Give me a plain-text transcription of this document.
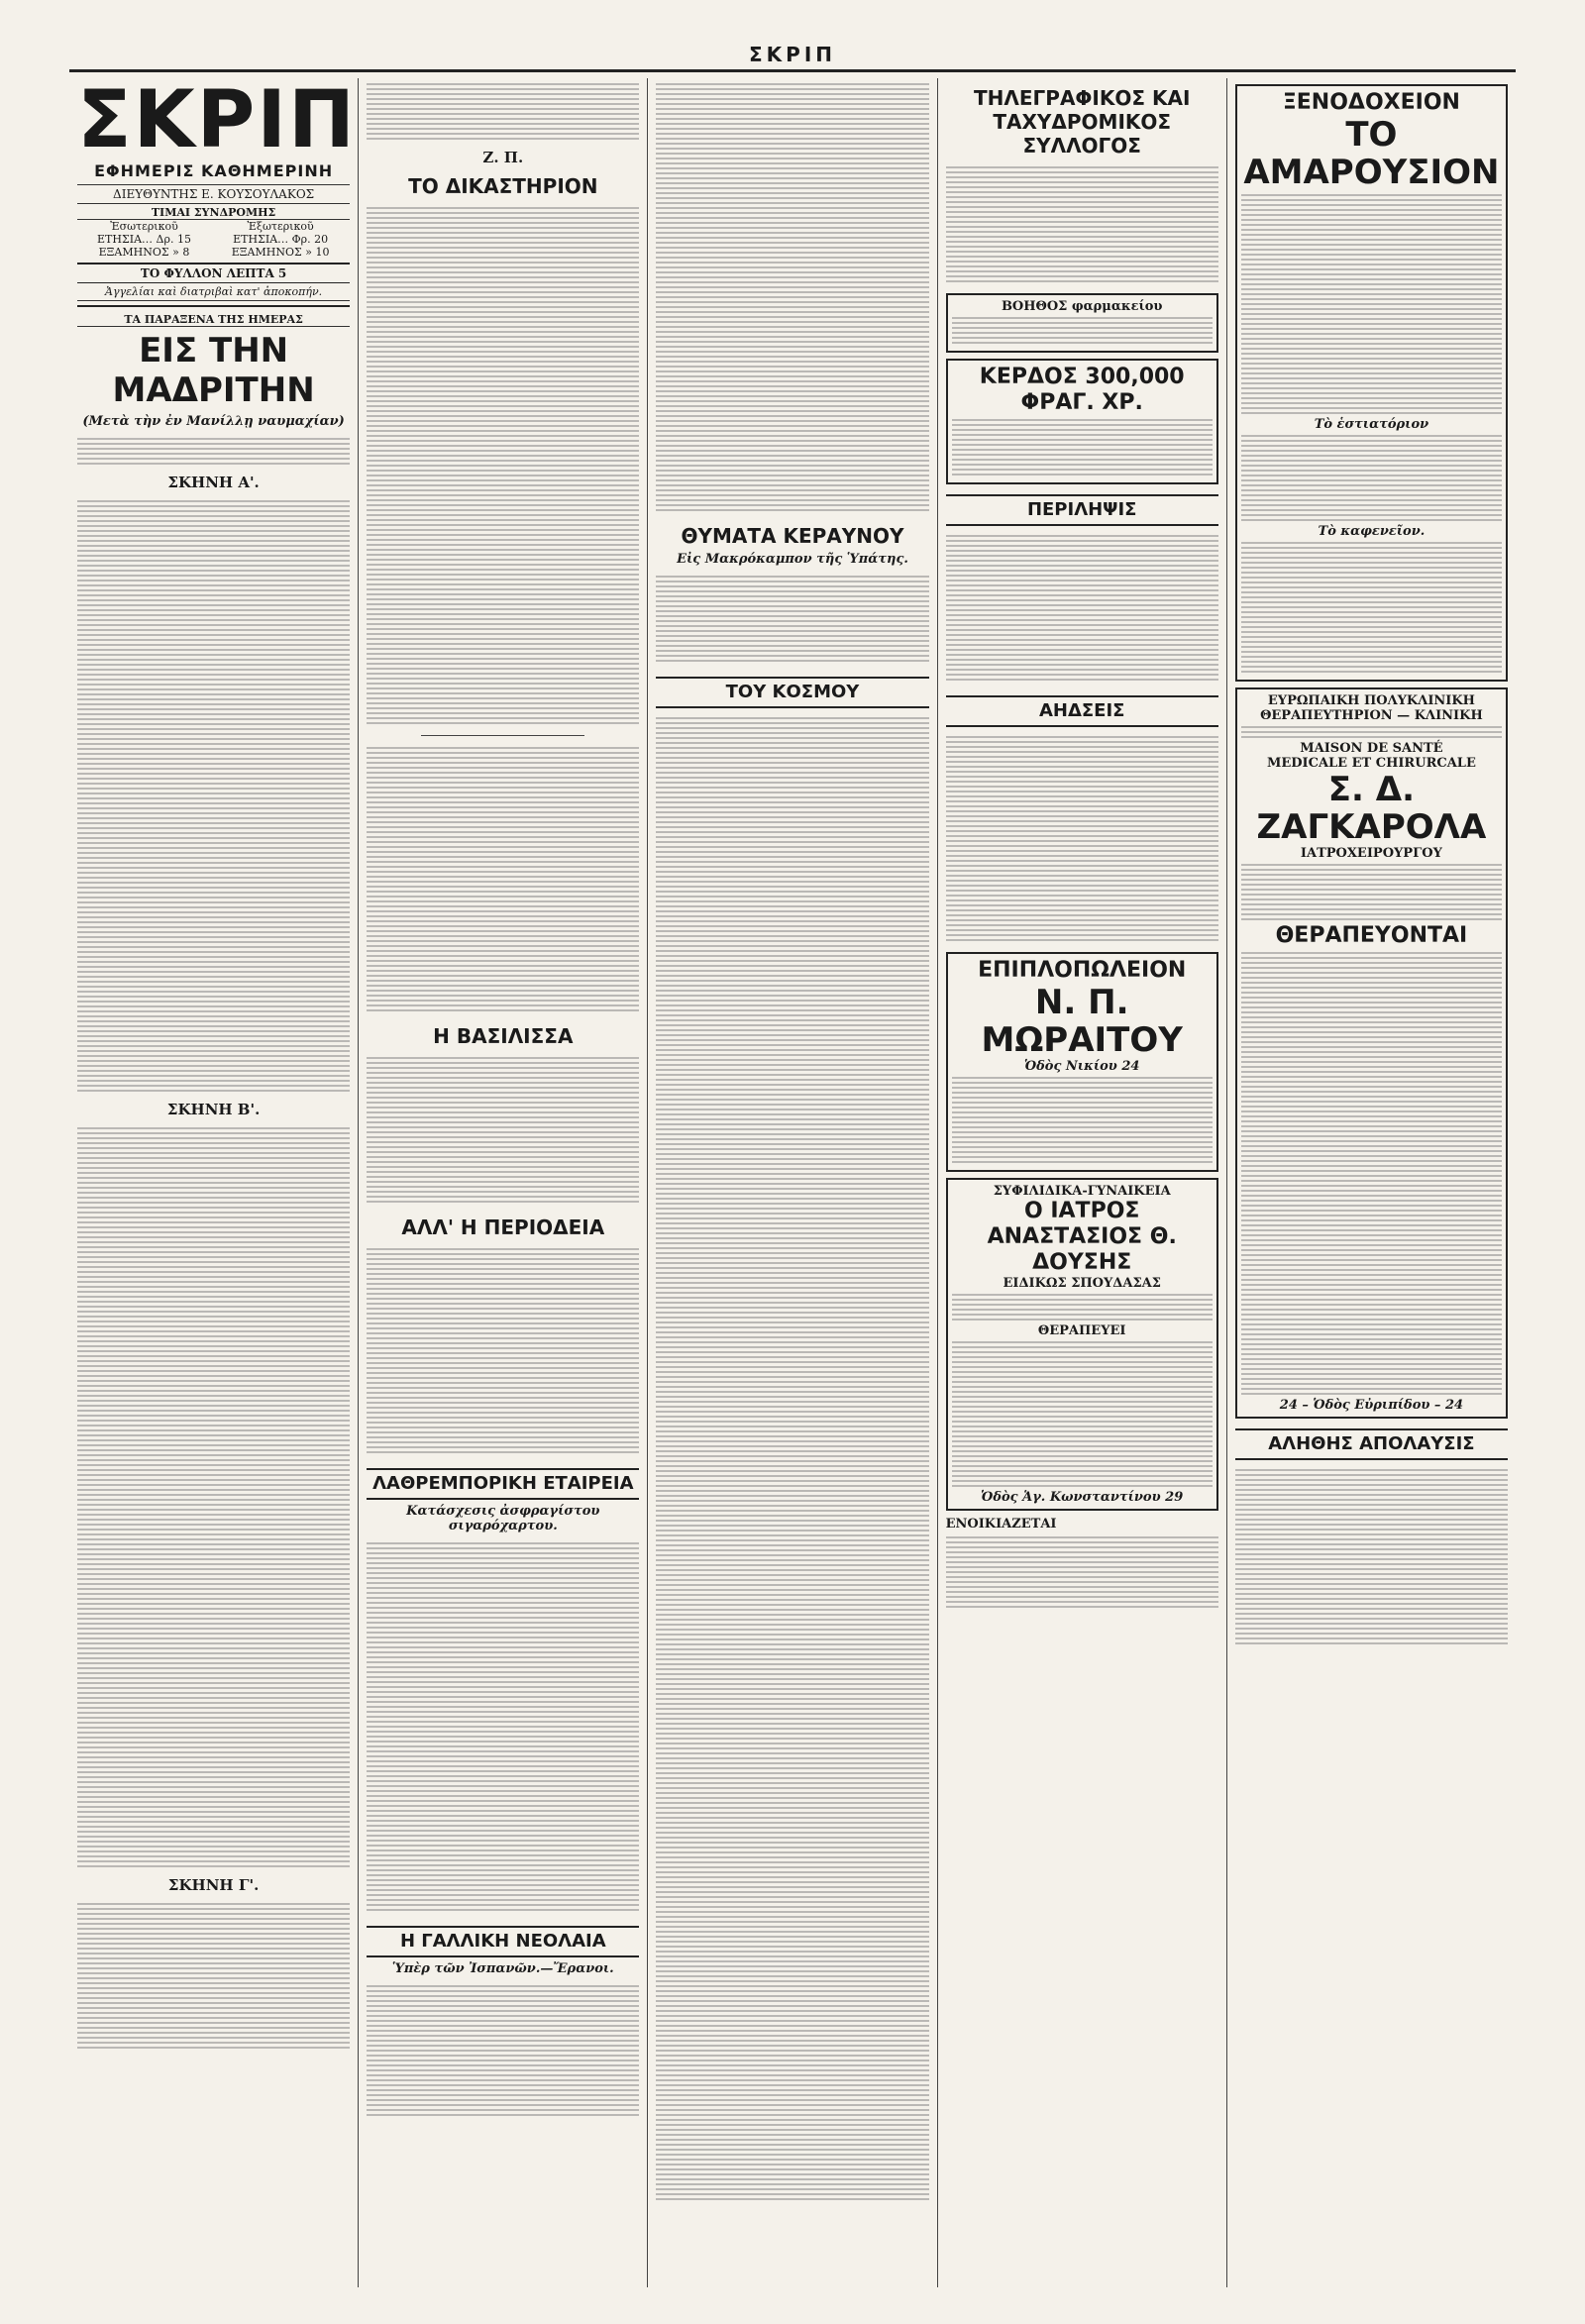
ΣΚΡΙΠ
ΣΚΡΙΠ
ΕΦΗΜΕΡΙΣ ΚΑΘΗΜΕΡΙΝΗ
ΔΙΕΥΘΥΝΤΗΣ Ε. ΚΟΥΣΟΥΛΑΚΟΣ
ΤΙΜΑΙ ΣΥΝΔΡΟΜΗΣ	
Ἐσωτερικοῦ	Ἐξωτερικοῦ
ΕΤΗΣΙΑ… Δρ. 15	ΕΤΗΣΙΑ… Φρ. 20
ΕΞΑΜΗΝΟΣ » 8	ΕΞΑΜΗΝΟΣ » 10
ΤΟ ΦΥΛΛΟΝ ΛΕΠΤΑ 5
Ἀγγελίαι καὶ διατριβαὶ κατ' ἀποκοπήν.
ΤΑ ΠΑΡΑΞΕΝΑ ΤΗΣ ΗΜΕΡΑΣ
ΕΙΣ ΤΗΝ ΜΑΔΡΙΤΗΝ
(Μετὰ τὴν ἐν Μανίλλῃ ναυμαχίαν)
ΣΚΗΝΗ Α'.
ΣΚΗΝΗ Β'.
ΣΚΗΝΗ Γ'.
Ζ. Π.
ΤΟ ΔΙΚΑΣΤΗΡΙΟΝ
Η ΒΑΣΙΛΙΣΣΑ
ΑΛΛ' Η ΠΕΡΙΟΔΕΙΑ
ΛΑΘΡΕΜΠΟΡΙΚΗ ΕΤΑΙΡΕΙΑ
Κατάσχεσις ἀσφραγίστου σιγαρόχαρτου.
Η ΓΑΛΛΙΚΗ ΝΕΟΛΑΙΑ
Ὑπὲρ τῶν Ἰσπανῶν.—Ἔρανοι.
ΘΥΜΑΤΑ ΚΕΡΑΥΝΟΥ
Εἰς Μακρόκαμπον τῆς Ὑπάτης.
ΤΟΥ ΚΟΣΜΟΥ
ΤΗΛΕΓΡΑΦΙΚΟΣ ΚΑΙ ΤΑΧΥΔΡΟΜΙΚΟΣ ΣΥΛΛΟΓΟΣ
ΒΟΗΘΟΣ φαρμακείου
ΚΕΡΔΟΣ 300,000 ΦΡΑΓ. ΧΡ.
ΠΕΡΙΛΗΨΙΣ
ΑΗΔΣΕΙΣ
ΕΠΙΠΛΟΠΩΛΕΙΟΝ
Ν. Π. ΜΩΡΑΙΤΟΥ
Ὁδὸς Νικίου 24
ΣΥΦΙΛΙΔΙΚΑ-ΓΥΝΑΙΚΕΙΑ
Ο ΙΑΤΡΟΣ
ΑΝΑΣΤΑΣΙΟΣ Θ. ΔΟΥΣΗΣ
ΕΙΔΙΚΩΣ ΣΠΟΥΔΑΣΑΣ
ΘΕΡΑΠΕΥΕΙ
Ὁδὸς Ἁγ. Κωνσταντίνου 29
ΕΝΟΙΚΙΑΖΕΤΑΙ
ΞΕΝΟΔΟΧΕΙΟΝ
ΤΟ ΑΜΑΡΟΥΣΙΟΝ
Τὸ ἑστιατόριον
Τὸ καφενεῖον.
ΕΥΡΩΠΑΙΚΗ ΠΟΛΥΚΛΙΝΙΚΗ
ΘΕΡΑΠΕΥΤΗΡΙΟΝ — ΚΛΙΝΙΚΗ
MAISON DE SANTÉ
MEDICALE ET CHIRURCALE
Σ. Δ. ΖΑΓΚΑΡΟΛΑ
ΙΑΤΡΟΧΕΙΡΟΥΡΓΟΥ
ΘΕΡΑΠΕΥΟΝΤΑΙ
24 – Ὁδὸς Εὐριπίδου – 24
ΑΛΗΘΗΣ ΑΠΟΛΑΥΣΙΣ
